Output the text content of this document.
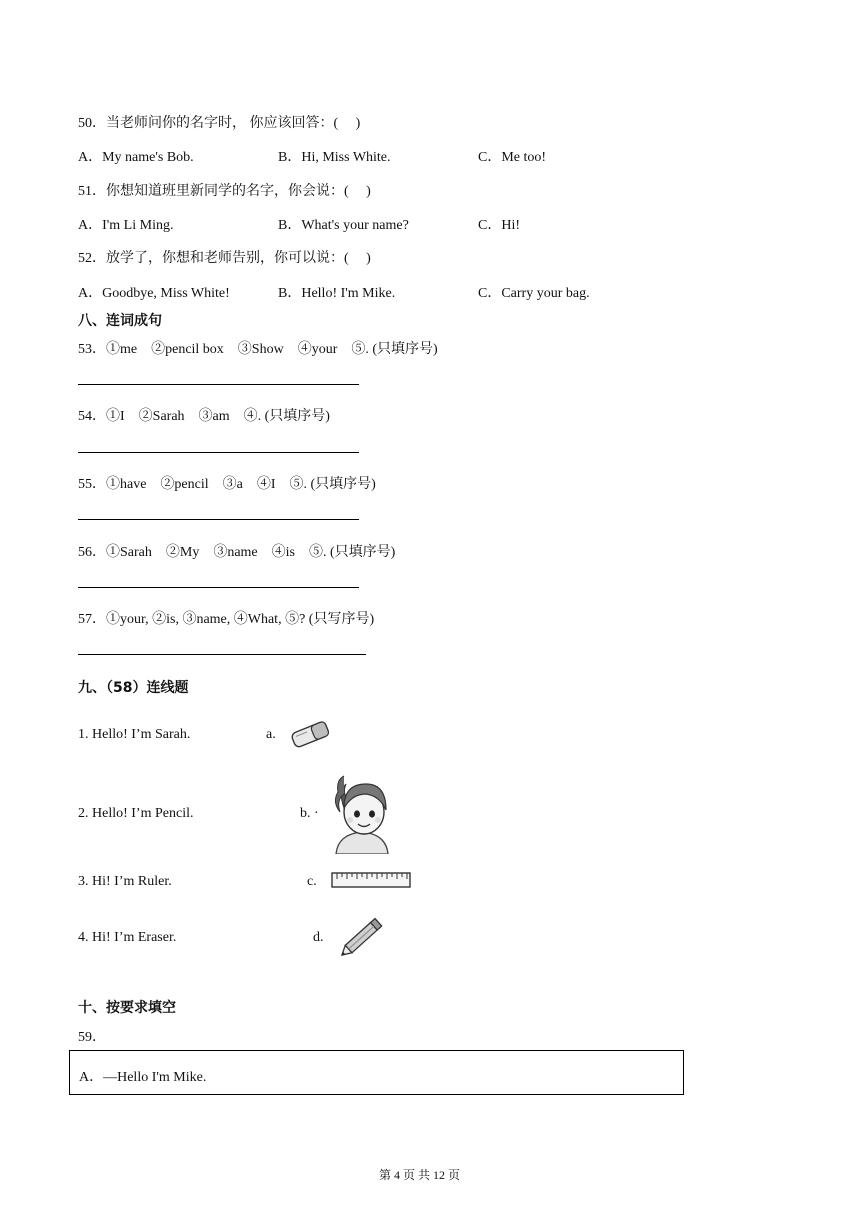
50．当老师问你的名字时， 你应该回答：(　 )
A．My name's Bob.	B．Hi, Miss White.	C．Me too!
51．你想知道班里新同学的名字，你会说：(　 )
A．I'm Li Ming.	B．What's your name?	C．Hi!
52．放学了，你想和老师告别，你可以说：(　 )
A．Goodbye, Miss White!	B．Hello! I'm Mike.	C．Carry your bag.
八、连词成句
53．①me　②pencil box　③Show　④your　⑤. (只填序号)
54．①I　②Sarah　③am　④. (只填序号)
55．①have　②pencil　③a　④I　⑤. (只填序号)
56．①Sarah　②My　③name　④is　⑤. (只填序号)
57．①your, ②is, ③name, ④What, ⑤? (只写序号)
九、（58）连线题
1. Hello! I’m Sarah.
2. Hello! I’m Pencil.
3. Hi! I’m Ruler.
4. Hi! I’m Eraser.
a.
b. ·
c.
d.
十、按要求填空
59．
A．—Hello I'm Mike.
第 4 页 共 12 页
